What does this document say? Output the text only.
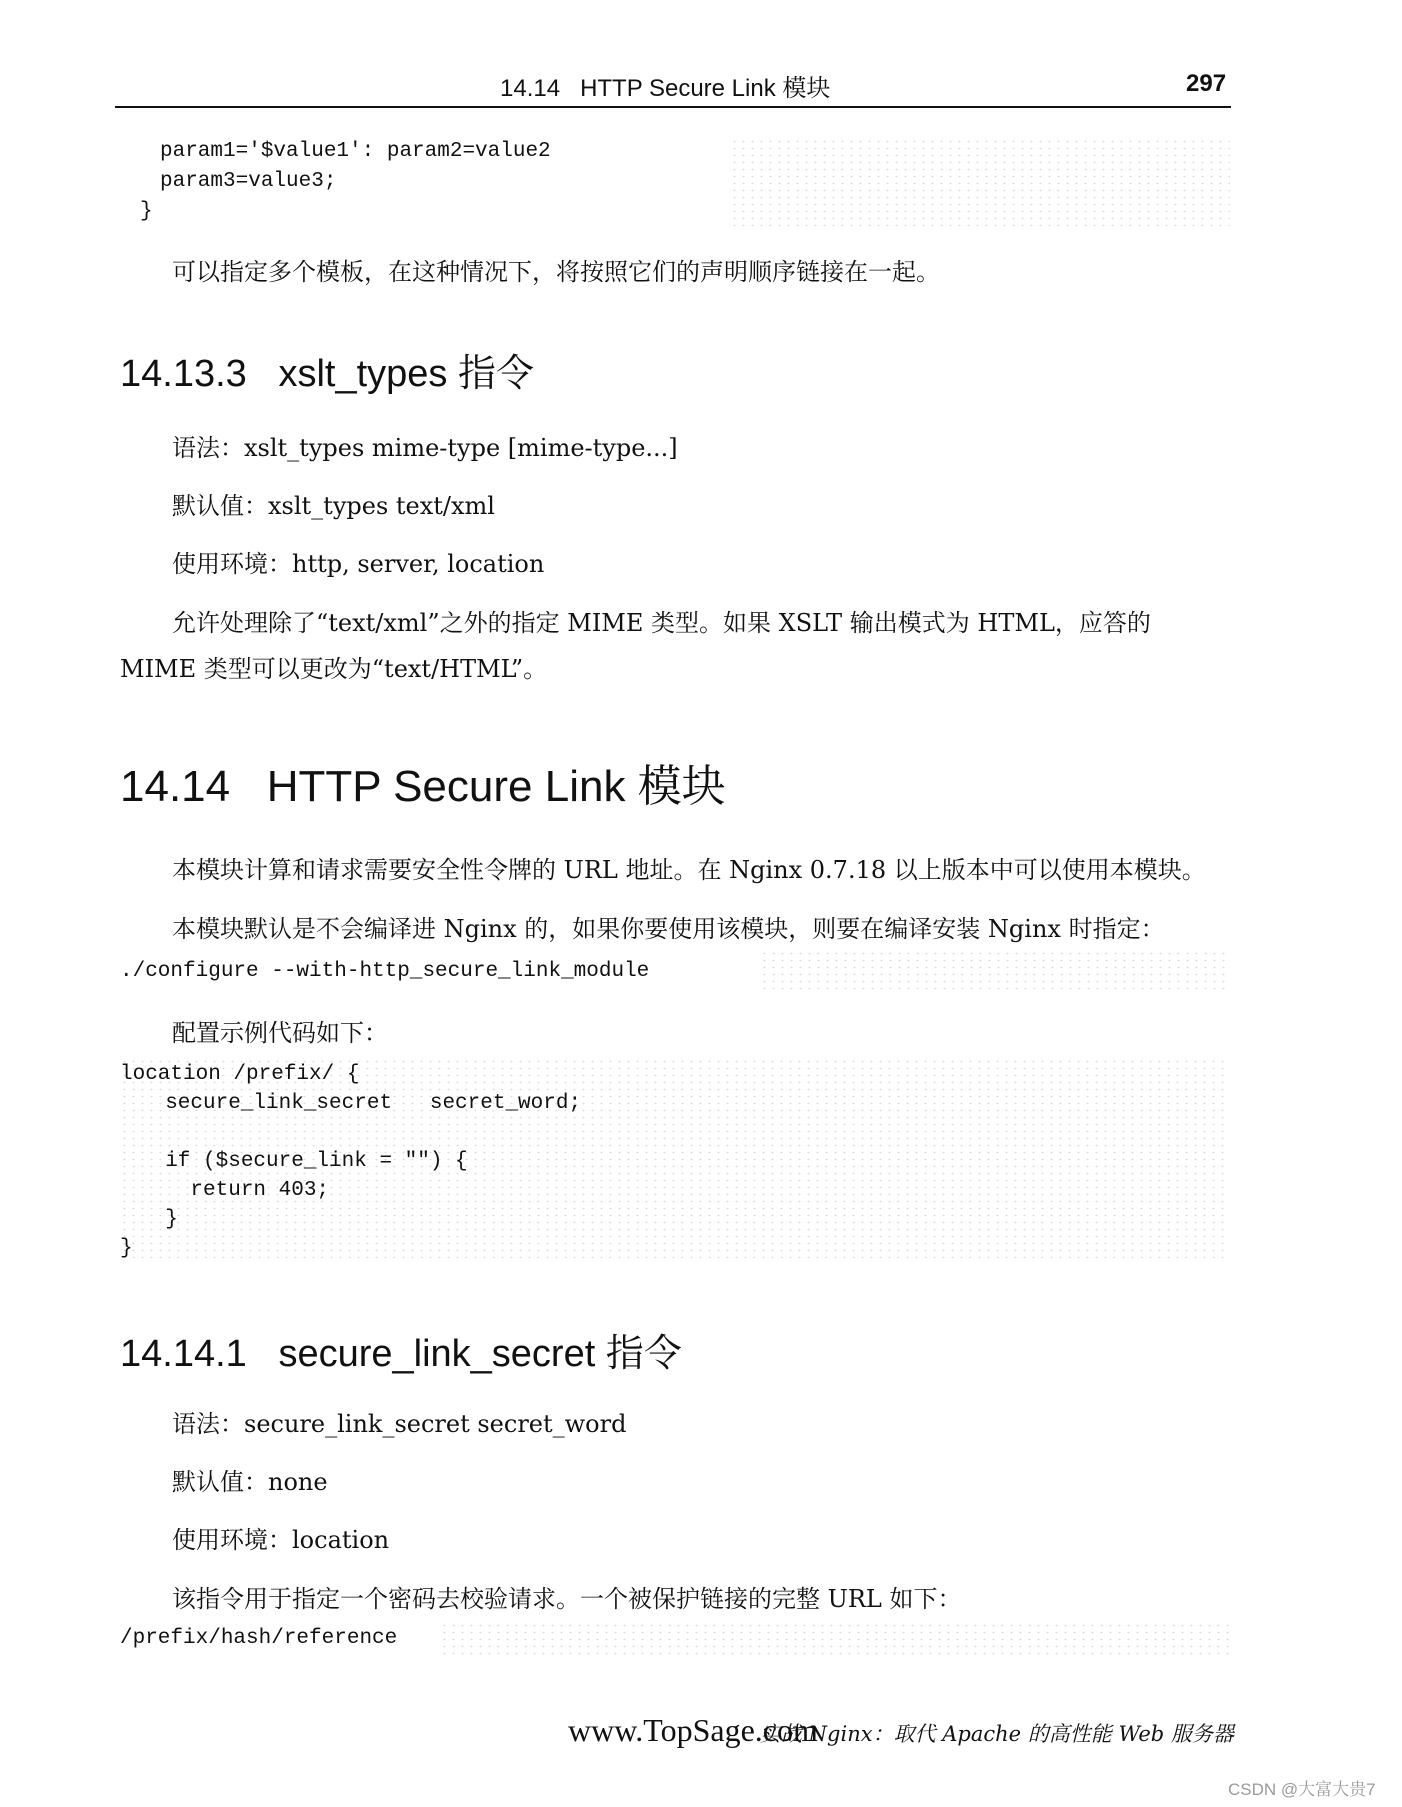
14.14   HTTP Secure Link 模块	297
param1='$value1': param2=value2
param3=value3;
}
可以指定多个模板，在这种情况下，将按照它们的声明顺序链接在一起。
14.13.3   xslt_types 指令
语法：xslt_types mime-type [mime-type...]
默认值：xslt_types text/xml
使用环境：http, server, location
允许处理除了“text/xml”之外的指定 MIME 类型。如果 XSLT 输出模式为 HTML，应答的
MIME 类型可以更改为“text/HTML”。
14.14   HTTP Secure Link 模块
本模块计算和请求需要安全性令牌的 URL 地址。在 Nginx 0.7.18 以上版本中可以使用本模块。
本模块默认是不会编译进 Nginx 的，如果你要使用该模块，则要在编译安装 Nginx 时指定：
./configure --with-http_secure_link_module
配置示例代码如下：
location /prefix/ {
secure_link_secret   secret_word;
if ($secure_link = "") {
return 403;
}
}
14.14.1   secure_link_secret 指令
语法：secure_link_secret secret_word
默认值：none
使用环境：location
该指令用于指定一个密码去校验请求。一个被保护链接的完整 URL 如下：
/prefix/hash/reference
www.TopSage.com
实战 Nginx：取代 Apache 的高性能 Web 服务器
CSDN @大富大贵7
